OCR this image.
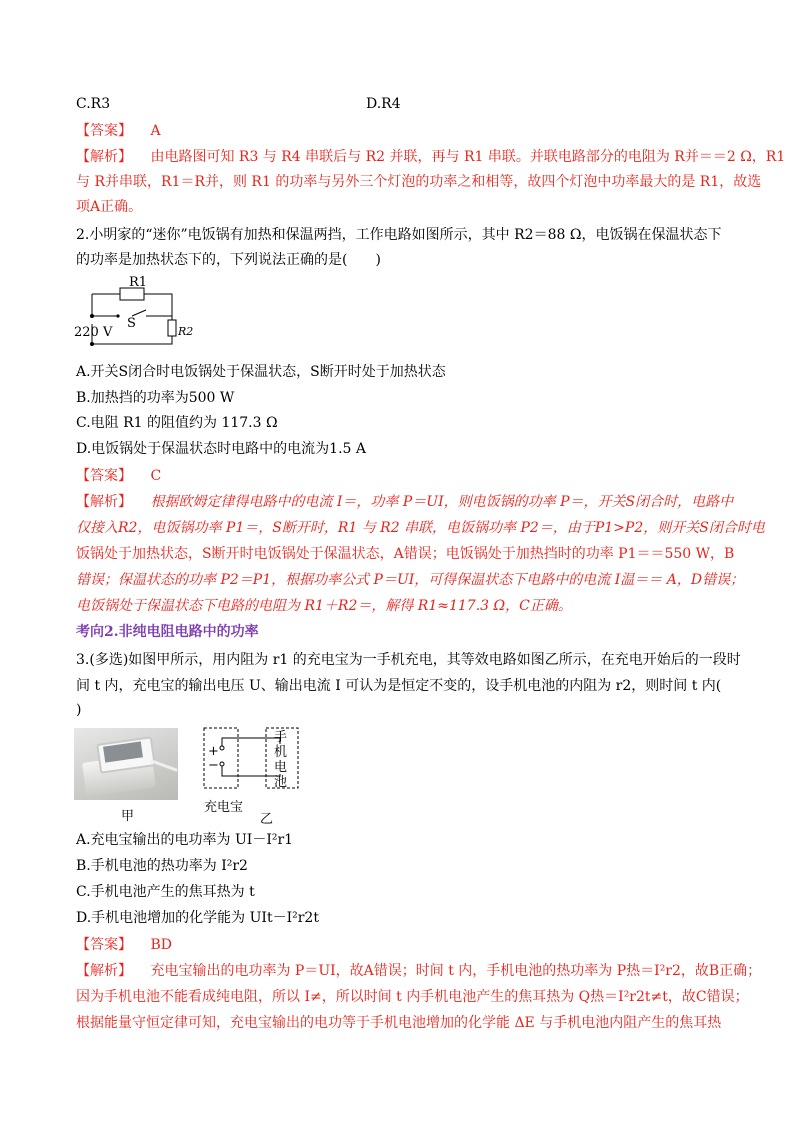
C.R3	D.R4
【答案】 A
【解析】 由电路图可知 R3 与 R4 串联后与 R2 并联，再与 R1 串联。并联电路部分的电阻为 R并＝＝2 Ω，R1
与 R并串联，R1＝R并，则 R1 的功率与另外三个灯泡的功率之和相等，故四个灯泡中功率最大的是 R1，故选
项A正确。
2.小明家的“迷你”电饭锅有加热和保温两挡，工作电路如图所示，其中 R2＝88 Ω，电饭锅在保温状态下
的功率是加热状态下的，下列说法正确的是(　　)
R1
S
220 V	R2
A.开关S闭合时电饭锅处于保温状态，S断开时处于加热状态
B.加热挡的功率为500 W
C.电阻 R1 的阻值约为 117.3 Ω
D.电饭锅处于保温状态时电路中的电流为1.5 A
【答案】 C
【解析】 根据欧姆定律得电路中的电流 I＝，功率 P＝UI，则电饭锅的功率 P＝，开关S闭合时，电路中
仅接入R2，电饭锅功率 P1＝，S断开时，R1 与 R2 串联，电饭锅功率 P2＝，由于P1>P2，则开关S闭合时电
饭锅处于加热状态，S断开时电饭锅处于保温状态，A错误；电饭锅处于加热挡时的功率 P1＝＝550 W，B
错误；保温状态的功率 P2＝P1，根据功率公式 P＝UI，可得保温状态下电路中的电流 I温＝＝ A，D错误；
电饭锅处于保温状态下电路的电阻为 R1＋R2＝，解得 R1≈117.3 Ω，C正确。
考向2.非纯电阻电路中的功率
3.(多选)如图甲所示，用内阻为 r1 的充电宝为一手机充电，其等效电路如图乙所示，在充电开始后的一段时
间 t 内，充电宝的输出电压 U、输出电流 I 可认为是恒定不变的，设手机电池的内阻为 r2，则时间 t 内(
)
甲
+
−
手
机
电
池
充电宝
乙
A.充电宝输出的电功率为 UI－I²r1
B.手机电池的热功率为 I²r2
C.手机电池产生的焦耳热为 t
D.手机电池增加的化学能为 UIt－I²r2t
【答案】 BD
【解析】 充电宝输出的电功率为 P＝UI，故A错误；时间 t 内，手机电池的热功率为 P热＝I²r2，故B正确；
因为手机电池不能看成纯电阻，所以 I≠，所以时间 t 内手机电池产生的焦耳热为 Q热＝I²r2t≠t，故C错误；
根据能量守恒定律可知，充电宝输出的电功等于手机电池增加的化学能 ΔE 与手机电池内阻产生的焦耳热
